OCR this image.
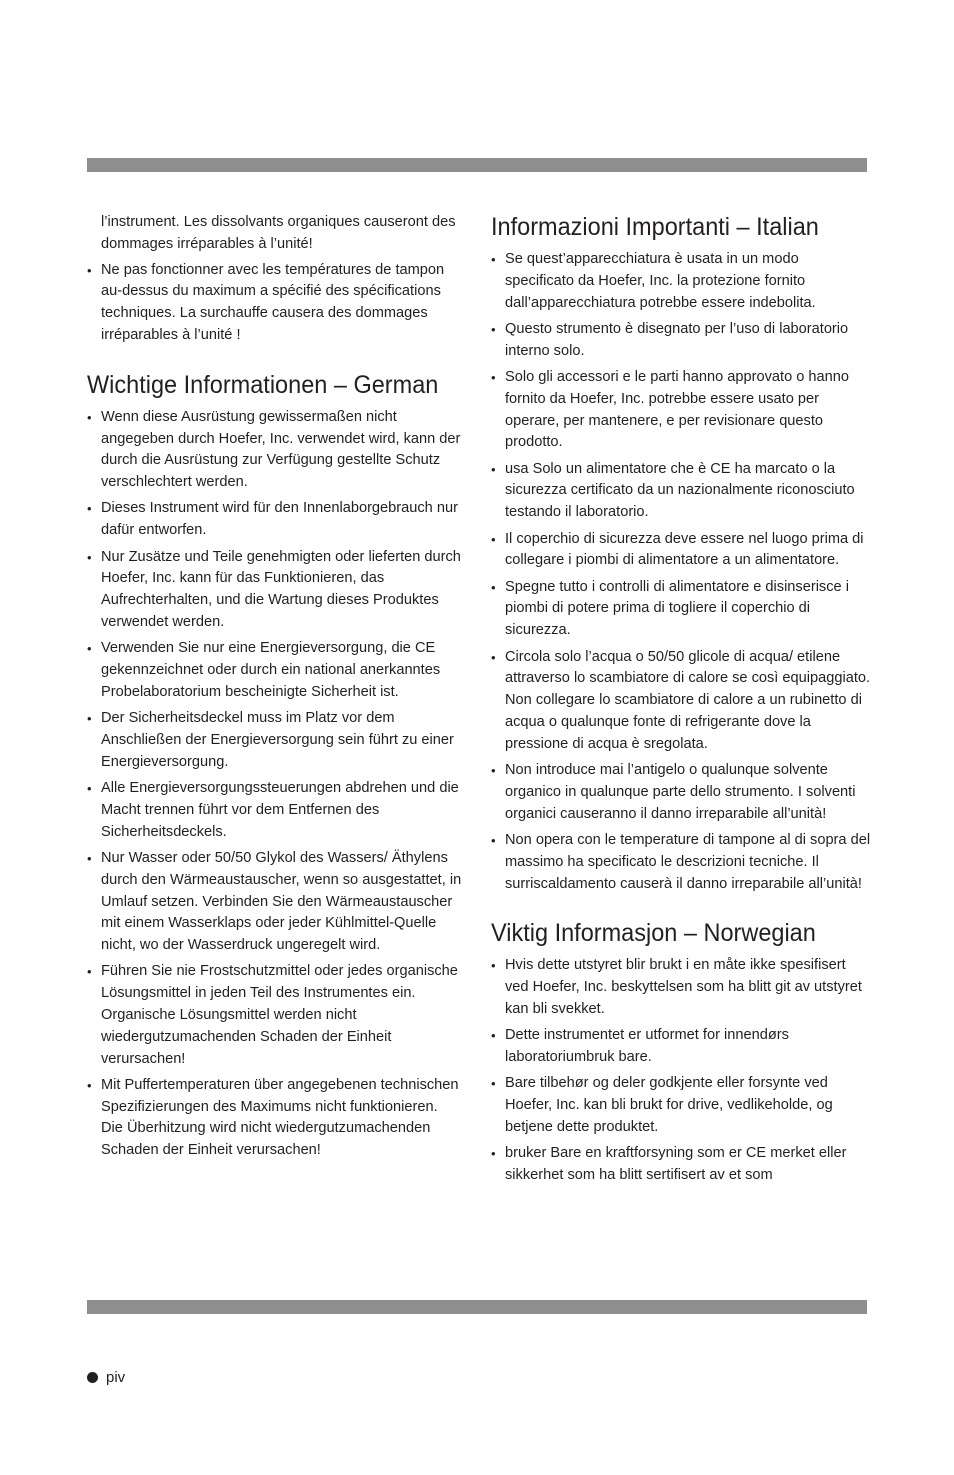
l’instrument. Les dissolvants organiques causeront des dommages irréparables à l’unité!

• Ne pas fonctionner avec les températures de tampon au-dessus du maximum a spécifié des spécifications techniques. La surchauffe causera des dommages irréparables à l’unité !
Wichtige Informationen – German
• Wenn diese Ausrüstung gewissermaßen nicht angegeben durch Hoefer, Inc. verwendet wird, kann der durch die Ausrüstung zur Verfügung gestellte Schutz verschlechtert werden.
• Dieses Instrument wird für den Innenlaborgebrauch nur dafür entworfen.
• Nur Zusätze und Teile genehmigten oder lieferten durch Hoefer, Inc. kann für das Funktionieren, das Aufrechterhalten, und die Wartung dieses Produktes verwendet werden.
• Verwenden Sie nur eine Energieversorgung, die CE gekennzeichnet oder durch ein national anerkanntes Probelaboratorium bescheinigte Sicherheit ist.
• Der Sicherheitsdeckel muss im Platz vor dem Anschließen der Energieversorgung sein führt zu einer Energieversorgung.
• Alle Energieversorgungssteuerungen abdrehen und die Macht trennen führt vor dem Entfernen des Sicherheitsdeckels.
• Nur Wasser oder 50/50 Glykol des Wassers/ Äthylens durch den Wärmeaustauscher, wenn so ausgestattet, in Umlauf setzen. Verbinden Sie den Wärmeaustauscher mit einem Wasserklaps oder jeder Kühlmittel-Quelle nicht, wo der Wasserdruck ungeregelt wird.
• Führen Sie nie Frostschutzmittel oder jedes organische Lösungsmittel in jeden Teil des Instrumentes ein. Organische Lösungsmittel werden nicht wiedergutzumachenden Schaden der Einheit verursachen!
• Mit Puffertemperaturen über angegebenen technischen Spezifizierungen des Maximums nicht funktionieren. Die Überhitzung wird nicht wiedergutzumachenden Schaden der Einheit verursachen!
Informazioni Importanti – Italian
• Se quest’apparecchiatura è usata in un modo specificato da Hoefer, Inc. la protezione fornito dall’apparecchiatura potrebbe essere indebolita.
• Questo strumento è disegnato per l’uso di laboratorio interno solo.
• Solo gli accessori e le parti hanno approvato o hanno fornito da Hoefer, Inc. potrebbe essere usato per operare, per mantenere, e per revisionare questo prodotto.
• usa Solo un alimentatore che è CE ha marcato o la sicurezza certificato da un nazionalmente riconosciuto testando il laboratorio.
• Il coperchio di sicurezza deve essere nel luogo prima di collegare i piombi di alimentatore a un alimentatore.
• Spegne tutto i controlli di alimentatore e disinserisce i piombi di potere prima di togliere il coperchio di sicurezza.
• Circola solo l’acqua o 50/50 glicole di acqua/ etilene attraverso lo scambiatore di calore se così equipaggiato. Non collegare lo scambiatore di calore a un rubinetto di acqua o qualunque fonte di refrigerante dove la pressione di acqua è sregolata.
• Non introduce mai l’antigelo o qualunque solvente organico in qualunque parte dello strumento. I solventi organici causeranno il danno irreparabile all’unità!
• Non opera con le temperature di tampone al di sopra del massimo ha specificato le descrizioni tecniche. Il surriscaldamento causerà il danno irreparabile all’unità!
Viktig Informasjon – Norwegian
• Hvis dette utstyret blir brukt i en måte ikke spesifisert ved Hoefer, Inc. beskyttelsen som ha blitt git av utstyret kan bli svekket.
• Dette instrumentet er utformet for innendørs laboratoriumbruk bare.
• Bare tilbehør og deler godkjente eller forsynte ved Hoefer, Inc. kan bli brukt for drive, vedlikeholde, og betjene dette produktet.
• bruker Bare en kraftforsyning som er CE merket eller sikkerhet som ha blitt sertifisert av et som
piv
